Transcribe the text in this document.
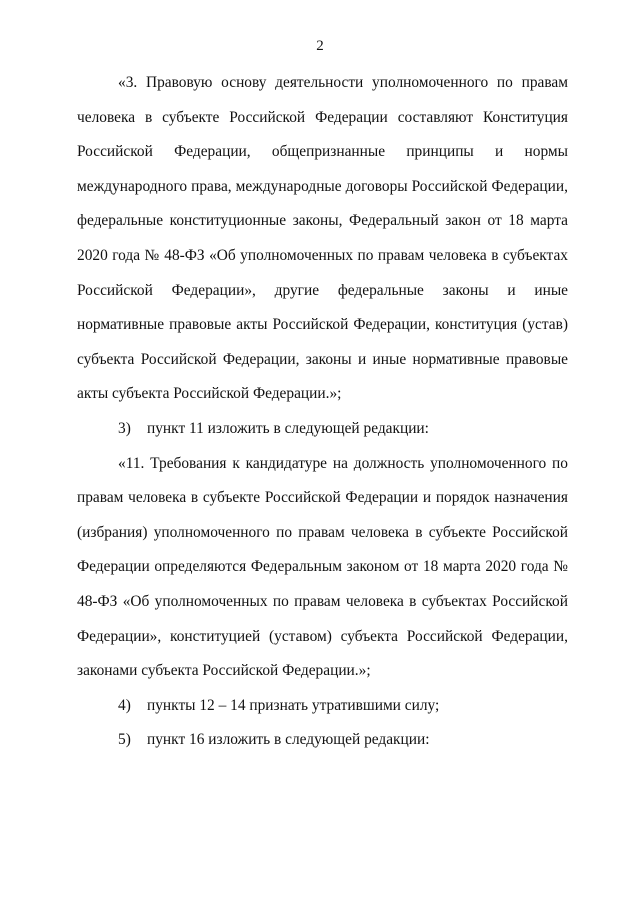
2

«3. Правовую основу деятельности уполномоченного по правам человека в субъекте Российской Федерации составляют Конституция Российской Федерации, общепризнанные принципы и нормы международного права, международные договоры Российской Федерации, федеральные конституционные законы, Федеральный закон от 18 марта 2020 года № 48-ФЗ «Об уполномоченных по правам человека в субъектах Российской Федерации», другие федеральные законы и иные нормативные правовые акты Российской Федерации, конституция (устав) субъекта Российской Федерации, законы и иные нормативные правовые акты субъекта Российской Федерации.»;

3) пункт 11 изложить в следующей редакции:

«11. Требования к кандидатуре на должность уполномоченного по правам человека в субъекте Российской Федерации и порядок назначения (избрания) уполномоченного по правам человека в субъекте Российской Федерации определяются Федеральным законом от 18 марта 2020 года № 48-ФЗ «Об уполномоченных по правам человека в субъектах Российской Федерации», конституцией (уставом) субъекта Российской Федерации, законами субъекта Российской Федерации.»;

4) пункты 12 – 14 признать утратившими силу;

5) пункт 16 изложить в следующей редакции:
